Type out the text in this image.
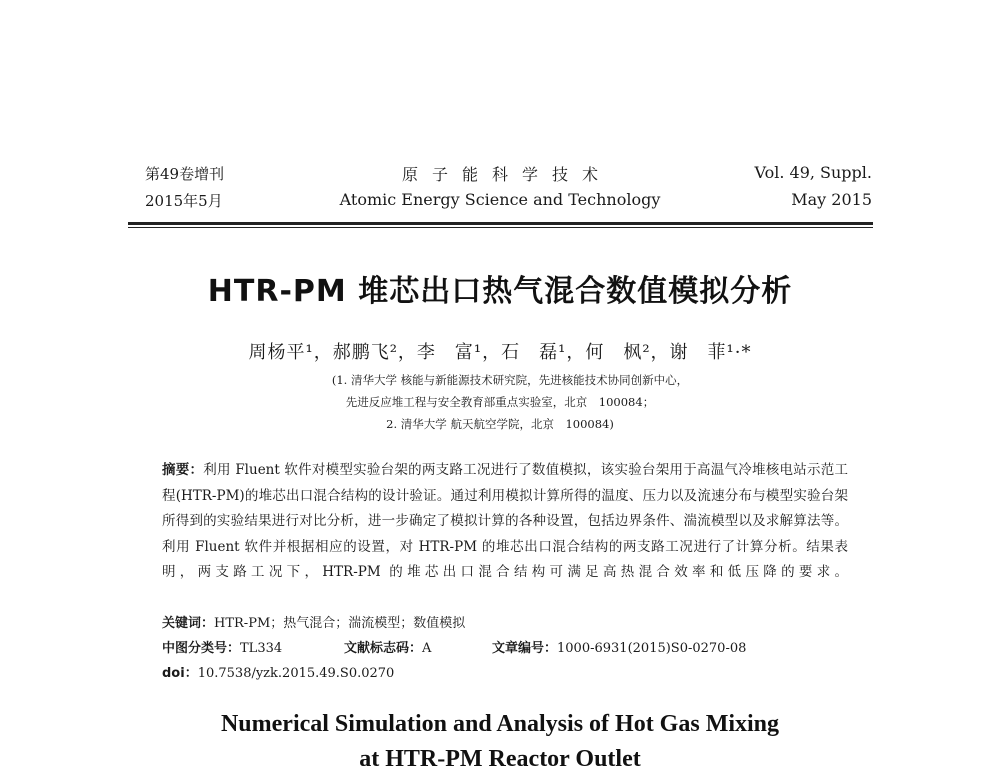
第49卷增刊
2015年5月
原子能科学技术
Atomic Energy Science and Technology
Vol. 49, Suppl.
May 2015
HTR-PM 堆芯出口热气混合数值模拟分析
周杨平¹，郝鹏飞²，李　富¹，石　磊¹，何　枫²，谢　菲¹·*
(1. 清华大学 核能与新能源技术研究院，先进核能技术协同创新中心，
先进反应堆工程与安全教育部重点实验室，北京　100084；
2. 清华大学 航天航空学院，北京　100084)
摘要：利用 Fluent 软件对模型实验台架的两支路工况进行了数值模拟，该实验台架用于高温气冷堆核电站示范工程(HTR-PM)的堆芯出口混合结构的设计验证。通过利用模拟计算所得的温度、压力以及流速分布与模型实验台架所得到的实验结果进行对比分析，进一步确定了模拟计算的各种设置，包括边界条件、湍流模型以及求解算法等。利用 Fluent 软件并根据相应的设置，对 HTR-PM 的堆芯出口混合结构的两支路工况进行了计算分析。结果表明，两支路工况下，HTR-PM 的堆芯出口混合结构可满足高热混合效率和低压降的要求。
关键词：HTR-PM；热气混合；湍流模型；数值模拟
中图分类号：TL334	文献标志码：A	文章编号：1000-6931(2015)S0-0270-08
doi：10.7538/yzk.2015.49.S0.0270
Numerical Simulation and Analysis of Hot Gas Mixing
at HTR-PM Reactor Outlet
